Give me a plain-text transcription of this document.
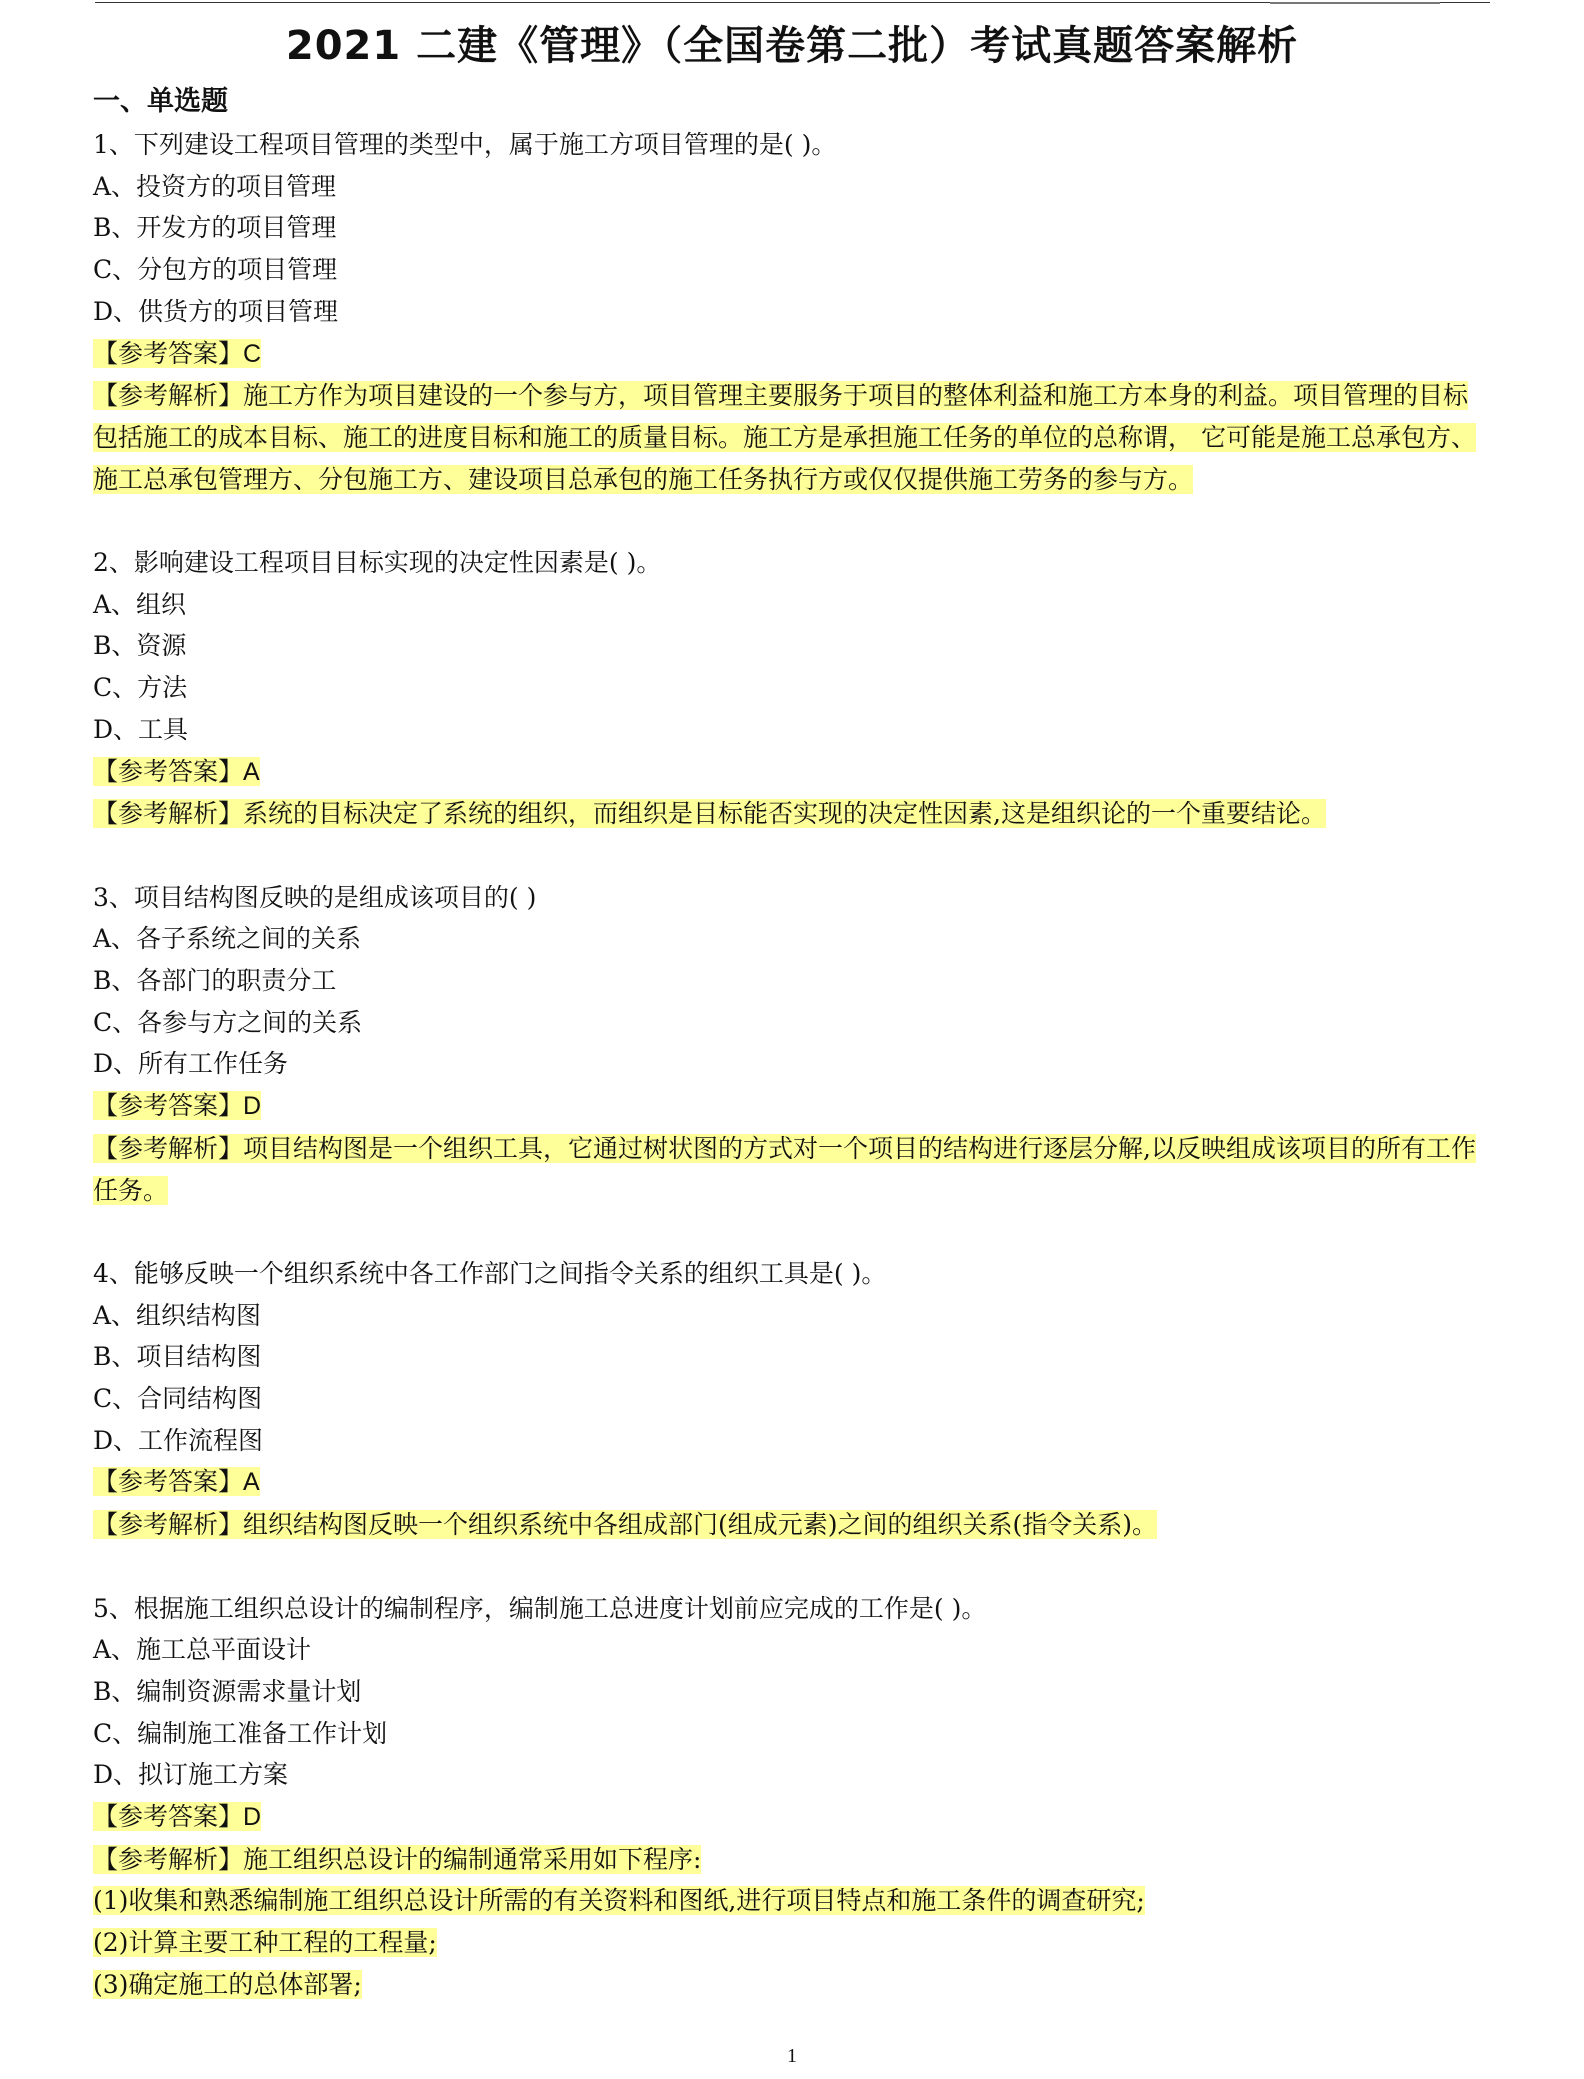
2021 二建《管理》（全国卷第二批）考试真题答案解析
一、单选题
1、下列建设工程项目管理的类型中，属于施工方项目管理的是( )。
A、投资方的项目管理
B、开发方的项目管理
C、分包方的项目管理
D、供货方的项目管理
【参考答案】C
【参考解析】施工方作为项目建设的一个参与方，项目管理主要服务于项目的整体利益和施工方本身的利益。项目管理的目标包括施工的成本目标、施工的进度目标和施工的质量目标。施工方是承担施工任务的单位的总称谓， 它可能是施工总承包方、施工总承包管理方、分包施工方、建设项目总承包的施工任务执行方或仅仅提供施工劳务的参与方。
2、影响建设工程项目目标实现的决定性因素是( )。
A、组织
B、资源
C、方法
D、工具
【参考答案】A
【参考解析】系统的目标决定了系统的组织，而组织是目标能否实现的决定性因素,这是组织论的一个重要结论。
3、项目结构图反映的是组成该项目的( )
A、各子系统之间的关系
B、各部门的职责分工
C、各参与方之间的关系
D、所有工作任务
【参考答案】D
【参考解析】项目结构图是一个组织工具，它通过树状图的方式对一个项目的结构进行逐层分解,以反映组成该项目的所有工作任务。
4、能够反映一个组织系统中各工作部门之间指令关系的组织工具是( )。
A、组织结构图
B、项目结构图
C、合同结构图
D、工作流程图
【参考答案】A
【参考解析】组织结构图反映一个组织系统中各组成部门(组成元素)之间的组织关系(指令关系)。
5、根据施工组织总设计的编制程序，编制施工总进度计划前应完成的工作是( )。
A、施工总平面设计
B、编制资源需求量计划
C、编制施工准备工作计划
D、拟订施工方案
【参考答案】D
【参考解析】施工组织总设计的编制通常采用如下程序:
(1)收集和熟悉编制施工组织总设计所需的有关资料和图纸,进行项目特点和施工条件的调查研究;
(2)计算主要工种工程的工程量;
(3)确定施工的总体部署;
1
